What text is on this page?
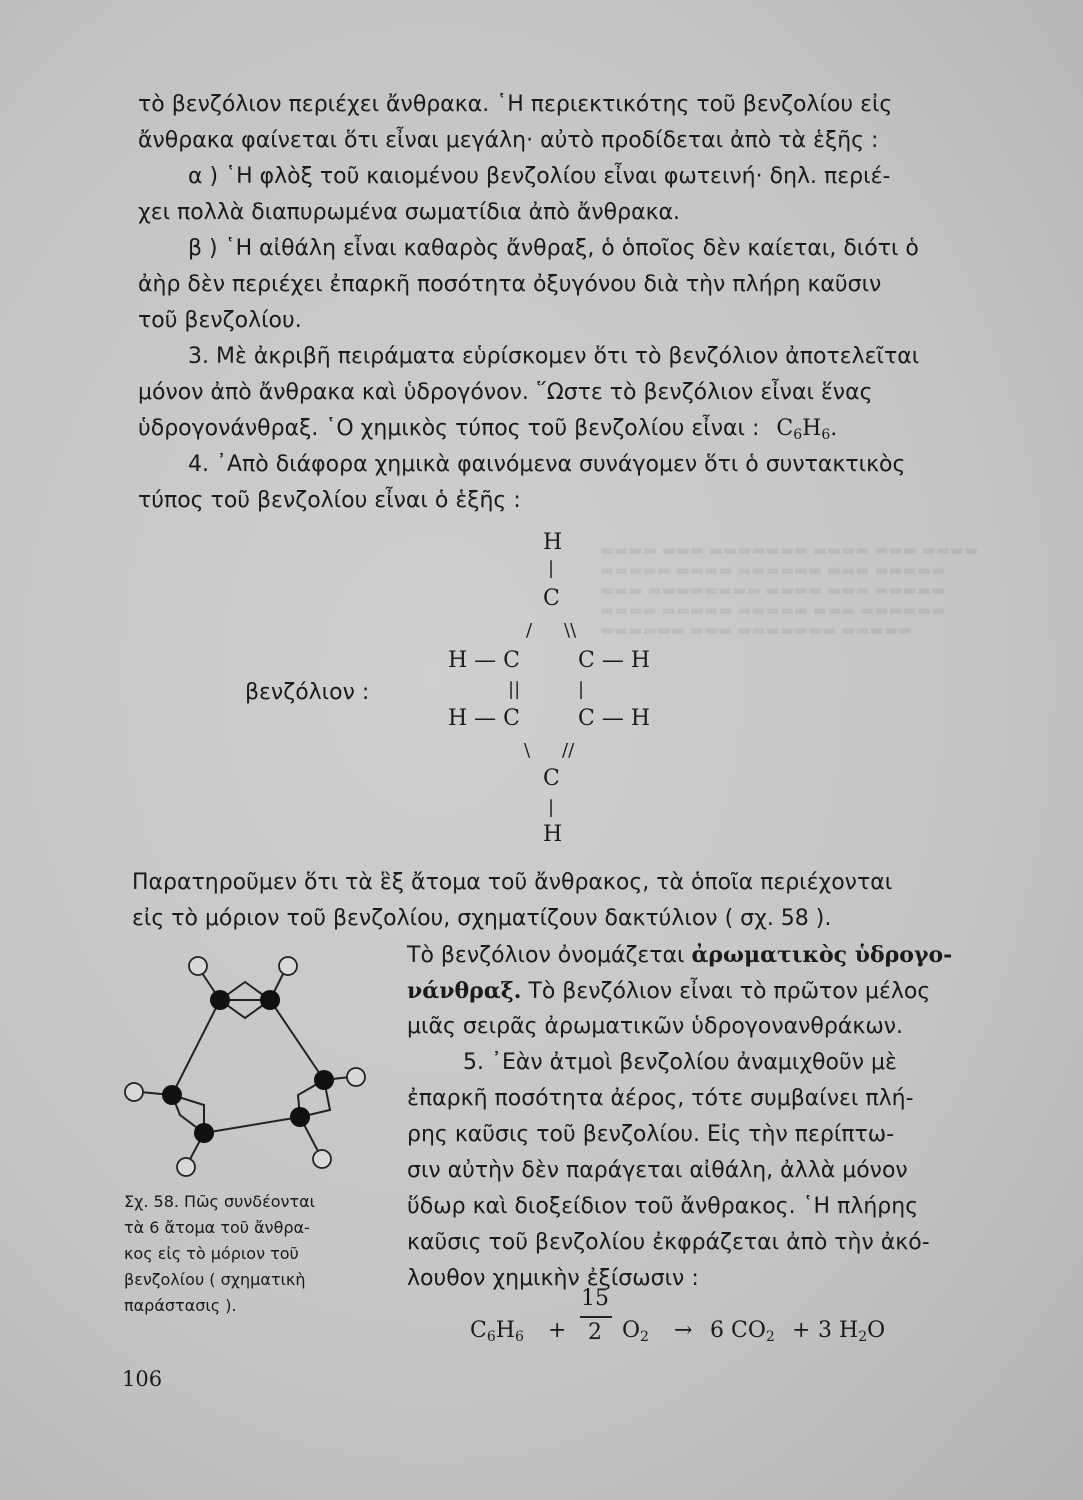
▬▬▬▬ ▬▬▬ ▬▬▬▬▬▬▬ ▬▬▬▬ ▬▬▬ ▬▬▬▬
▬▬▬▬▬ ▬▬▬▬ ▬▬▬▬▬▬ ▬▬▬ ▬▬▬▬▬
▬▬▬ ▬▬▬▬▬▬▬▬ ▬▬▬▬ ▬▬▬ ▬▬▬▬▬
▬▬▬▬ ▬▬▬▬▬ ▬▬▬▬▬ ▬▬▬ ▬▬▬▬▬▬
▬▬▬▬▬▬ ▬▬▬ ▬▬▬▬▬▬▬ ▬▬▬▬▬
τὸ βενζόλιον περιέχει ἄνθρακα. ῾Η περιεκτικότης τοῦ βενζολίου εἰς
ἄνθρακα φαίνεται ὅτι εἶναι μεγάλη· αὐτὸ προδίδεται ἀπὸ τὰ ἑξῆς :
α ) ῾Η φλὸξ τοῦ καιομένου βενζολίου εἶναι φωτεινή· δηλ. περιέ-
χει πολλὰ διαπυρωμένα σωματίδια ἀπὸ ἄνθρακα.
β ) ῾Η αἰθάλη εἶναι καθαρὸς ἄνθραξ, ὁ ὁποῖος δὲν καίεται, διότι ὁ
ἀὴρ δὲν περιέχει ἐπαρκῆ ποσότητα ὀξυγόνου διὰ τὴν πλήρη καῦσιν
τοῦ βενζολίου.
3. Μὲ ἀκριβῆ πειράματα εὑρίσκομεν ὅτι τὸ βενζόλιον ἀποτελεῖται
μόνον ἀπὸ ἄνθρακα καὶ ὑδρογόνον. ῞Ωστε τὸ βενζόλιον εἶναι ἕνας
ὑδρογονάνθραξ. ῾Ο χημικὸς τύπος τοῦ βενζολίου εἶναι : $C_6H_6$.
4. ᾿Απὸ διάφορα χημικὰ φαινόμενα συνάγομεν ὅτι ὁ συντακτικὸς
τύπος τοῦ βενζολίου εἶναι ὁ ἑξῆς :
βενζόλιον :
H
|
C
/ \\
H — C	C — H
||	|
H — C	C — H
\ //
C
|
H
Παρατηροῦμεν ὅτι τὰ ἓξ ἄτομα τοῦ ἄνθρακος, τὰ ὁποῖα περιέχονται
εἰς τὸ μόριον τοῦ βενζολίου, σχηματίζουν δακτύλιον ( σχ. 58 ).
Τὸ βενζόλιον ὀνομάζεται ἀρωματικὸς ὑδρογο-
νάνθραξ. Τὸ βενζόλιον εἶναι τὸ πρῶτον μέλος
μιᾶς σειρᾶς ἀρωματικῶν ὑδρογονανθράκων.
5. ᾿Εὰν ἀτμοὶ βενζολίου ἀναμιχθοῦν μὲ
ἐπαρκῆ ποσότητα ἀέρος, τότε συμβαίνει πλή-
ρης καῦσις τοῦ βενζολίου. Εἰς τὴν περίπτω-
σιν αὐτὴν δὲν παράγεται αἰθάλη, ἀλλὰ μόνον
ὕδωρ καὶ διοξείδιον τοῦ ἄνθρακος. ῾Η πλήρης
καῦσις τοῦ βενζολίου ἐκφράζεται ἀπὸ τὴν ἀκό-
λουθον χημικὴν ἐξίσωσιν :
$C_6H_6$ +
15
2 $O_2 \to 6$ $CO_2 + 3$ $H_2O$
Σχ. 58. Πῶς συνδέονται
τὰ 6 ἄτομα τοῦ ἄνθρα-
κος εἰς τὸ μόριον τοῦ
βενζολίου ( σχηματικὴ
παράστασις ).
106
